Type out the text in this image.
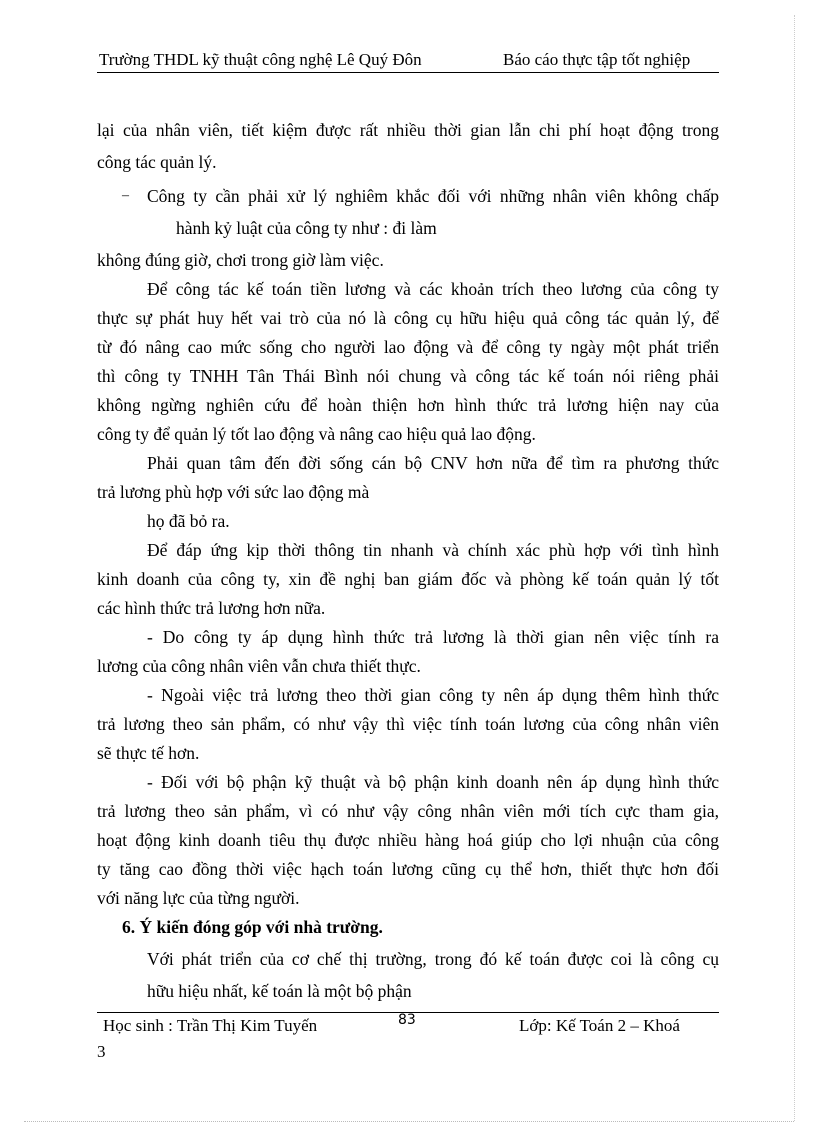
Trường THDL kỹ thuật công nghệ Lê Quý Đôn	Báo cáo thực tập tốt nghiệp
lại của nhân viên, tiết kiệm được rất nhiều thời gian lẫn chi phí hoạt động trong
công tác quản lý.
– Công ty cần phải xử lý nghiêm khắc đối với những nhân viên không chấp
hành kỷ luật của công ty như : đi làm
không đúng giờ, chơi trong giờ làm việc.
Để công tác kế toán tiền lương và các khoản trích theo lương của công ty
thực sự phát huy hết vai trò của nó là công cụ hữu hiệu quả công tác quản lý, để
từ đó nâng cao mức sống cho người lao động và để công ty ngày một phát triển
thì công ty TNHH Tân Thái Bình nói chung và công tác kế toán nói riêng phải
không ngừng nghiên cứu để hoàn thiện hơn hình thức trả lương hiện nay của
công ty để quản lý tốt lao động và nâng cao hiệu quả lao động.
Phải quan tâm đến đời sống cán bộ CNV hơn nữa để tìm ra phương thức
trả lương phù hợp với sức lao động mà
họ đã bỏ ra.
Để đáp ứng kịp thời thông tin nhanh và chính xác phù hợp với tình hình
kinh doanh của công ty, xin đề nghị ban giám đốc và phòng kế toán quản lý tốt
các hình thức trả lương hơn nữa.
- Do công ty áp dụng hình thức trả lương là thời gian nên việc tính ra
lương của công nhân viên vẫn chưa thiết thực.
- Ngoài việc trả lương theo thời gian công ty nên áp dụng thêm hình thức
trả lương theo sản phẩm, có như vậy thì việc tính toán lương của công nhân viên
sẽ thực tế hơn.
- Đối với bộ phận kỹ thuật và bộ phận kinh doanh nên áp dụng hình thức
trả lương theo sản phẩm, vì có như vậy công nhân viên mới tích cực tham gia,
hoạt động kinh doanh tiêu thụ được nhiều hàng hoá giúp cho lợi nhuận của công
ty tăng cao đồng thời việc hạch toán lương cũng cụ thể hơn, thiết thực hơn đối
với năng lực của từng người.
6. Ý kiến đóng góp với nhà trường.
Với phát triển của cơ chế thị trường, trong đó kế toán được coi là công cụ
hữu hiệu nhất, kế toán là một bộ phận
Học sinh : Trần Thị Kim Tuyến	83	Lớp: Kế Toán 2 – Khoá
3
